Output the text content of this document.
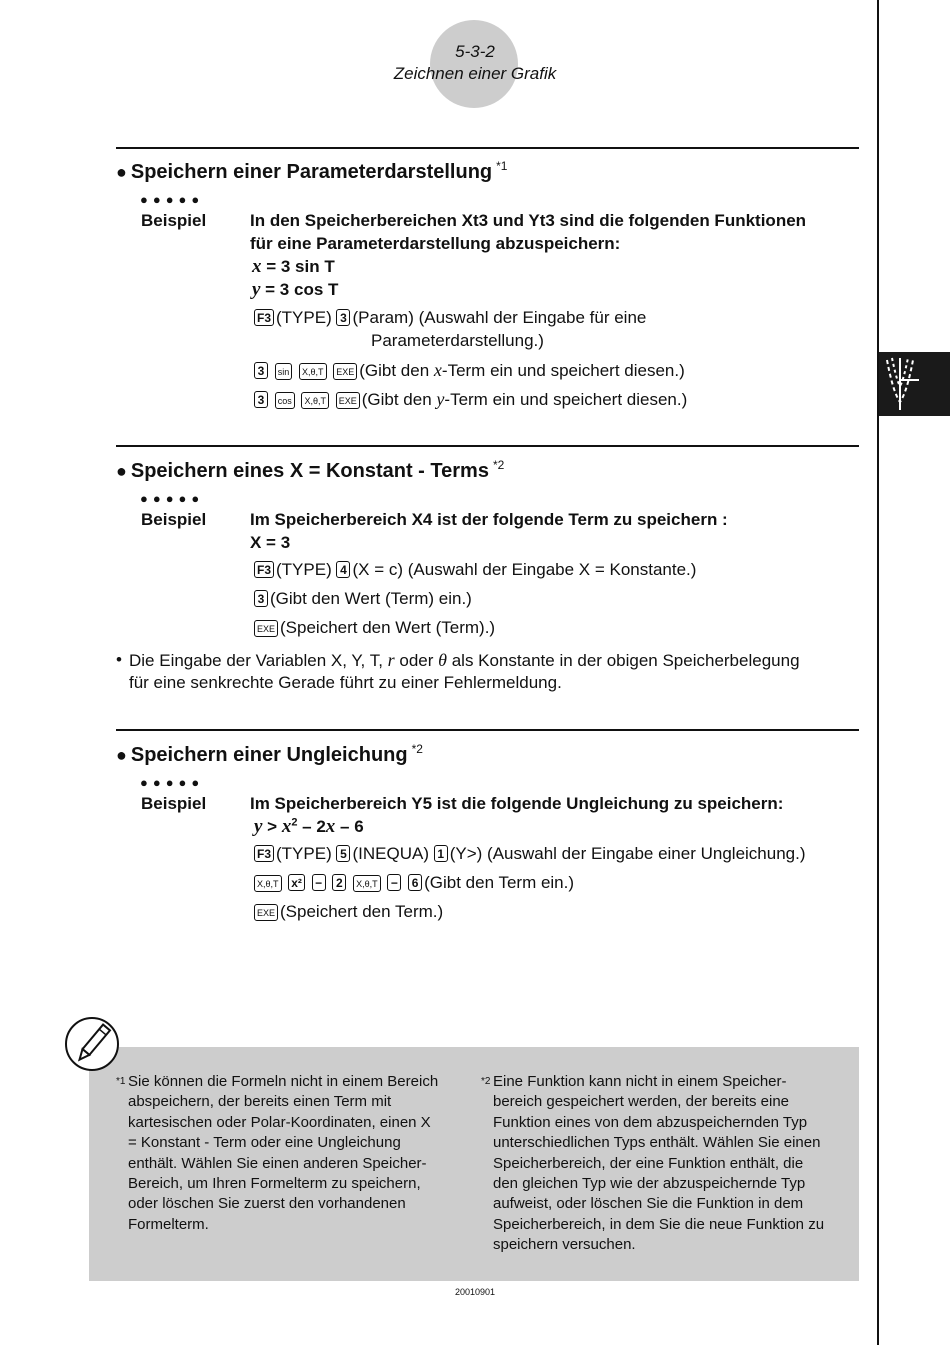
5-3-2
Zeichnen einer Grafik
● Speichern einer Parameterdarstellung $^{*1}$
●●●●●
Beispiel	In den Speicherbereichen Xt3 und Yt3 sind die folgenden Funktionen
für eine Parameterdarstellung abzuspeichern:
x = 3 sin T
y = 3 cos T
F3 (TYPE) 3 (Param) (Auswahl der Eingabe für eine
Parameterdarstellung.)
3 sin X,θ,T EXE (Gibt den x-Term ein und speichert diesen.)
3 cos X,θ,T EXE (Gibt den y-Term ein und speichert diesen.)
● Speichern eines X = Konstant - Terms $^{*2}$
●●●●●
Beispiel	Im Speicherbereich X4 ist der folgende Term zu speichern :
X = 3
F3 (TYPE) 4 (X = c) (Auswahl der Eingabe X = Konstante.)
3 (Gibt den Wert (Term) ein.)
EXE (Speichert den Wert (Term).)
• Die Eingabe der Variablen X, Y, T, r oder θ als Konstante in der obigen Speicherbelegung
für eine senkrechte Gerade führt zu einer Fehlermeldung.
● Speichern einer Ungleichung $^{*2}$
●●●●●
Beispiel	Im Speicherbereich Y5 ist die folgende Ungleichung zu speichern:
$y > x^2 - 2x - 6$
F3 (TYPE) 5 (INEQUA) 1 (Y>) (Auswahl der Eingabe einer Ungleichung.)
X,θ,T x² − 2 X,θ,T − 6 (Gibt den Term ein.)
EXE (Speichert den Term.)
*1 Sie können die Formeln nicht in einem Bereich
abspeichern, der bereits einen Term mit
kartesischen oder Polar-Koordinaten, einen X
= Konstant - Term oder eine Ungleichung
enthält. Wählen Sie einen anderen Speicher-
Bereich, um Ihren Formelterm zu speichern,
oder löschen Sie zuerst den vorhandenen
Formelterm.
*2 Eine Funktion kann nicht in einem Speicher-
bereich gespeichert werden, der bereits eine
Funktion eines von dem abzuspeichernden Typ
unterschiedlichen Typs enthält. Wählen Sie einen
Speicherbereich, der eine Funktion enthält, die
den gleichen Typ wie der abzuspeichernde Typ
aufweist, oder löschen Sie die Funktion in dem
Speicherbereich, in dem Sie die neue Funktion zu
speichern versuchen.
20010901
